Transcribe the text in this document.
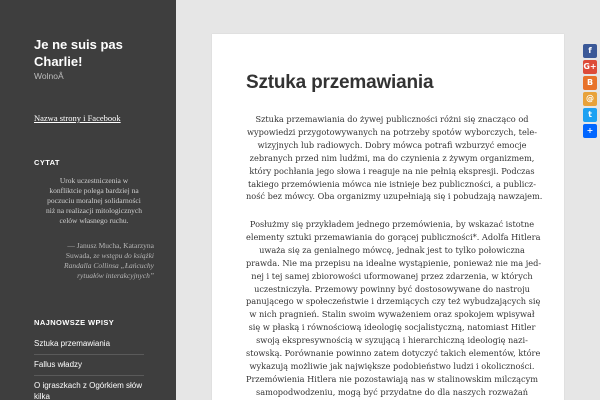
Je ne suis pas Charlie!
WolnoÂ
Nazwa strony i Facebook
CYTAT
Urok uczestniczenia w
konfliktcie polega bardziej na
poczuciu moralnej solidarności
niż na realizacji mitologicznych
celów własnego ruchu.
— Janusz Mucha, Katarzyna
Suwada, ze wstępu do książki
Randalla Collinsa „Łańcuchy
rytuałów interakcyjnych”
NAJNOWSZE WPISY
Sztuka przemawiania
Fallus władzy
O igraszkach z Ogórkiem słów kilka
Sztuka przemawiania
Sztuka przemawiania do żywej publiczności różni się znacząco od
wypowiedzi przygotowywanych na potrzeby spotów wyborczych, tele-
wizyjnych lub radiowych. Dobry mówca potrafi wzburzyć emocje
zebranych przed nim ludźmi, ma do czynienia z żywym organizmem,
który pochłania jego słowa i reaguje na nie pełnią ekspresji. Podczas
takiego przemówienia mówca nie istnieje bez publiczności, a publicz-
ność bez mówcy. Oba organizmy uzupełniają się i pobudzają nawzajem.
Posłużmy się przykładem jednego przemówienia, by wskazać istotne
elementy sztuki przemawiania do gorącej publiczności*. Adolfa Hitlera
uważa się za genialnego mówcę, jednak jest to tylko połowiczna
prawda. Nie ma przepisu na idealne wystąpienie, ponieważ nie ma jed-
nej i tej samej zbiorowości uformowanej przez zdarzenia, w których
uczestniczyła. Przemowy powinny być dostosowywane do nastroju
panującego w społeczeństwie i drzemiących czy też wybudzających się
w nich pragnień. Stalin swoim wyważeniem oraz spokojem wpisywał
się w płaską i równościową ideologię socjalistyczną, natomiast Hitler
swoją ekspresywnością w syzującą i hierarchiczną ideologię nazi-
stowską. Porównanie powinno zatem dotyczyć takich elementów, które
wykazują możliwie jak największe podobieństwo ludzi i okoliczności.
Przemówienia Hitlera nie pozostawiają nas w stalinowskim milczącym
samopodwodzeniu, mogą być przydatne do dla naszych rozważań
f
G+
B
@
t
+
